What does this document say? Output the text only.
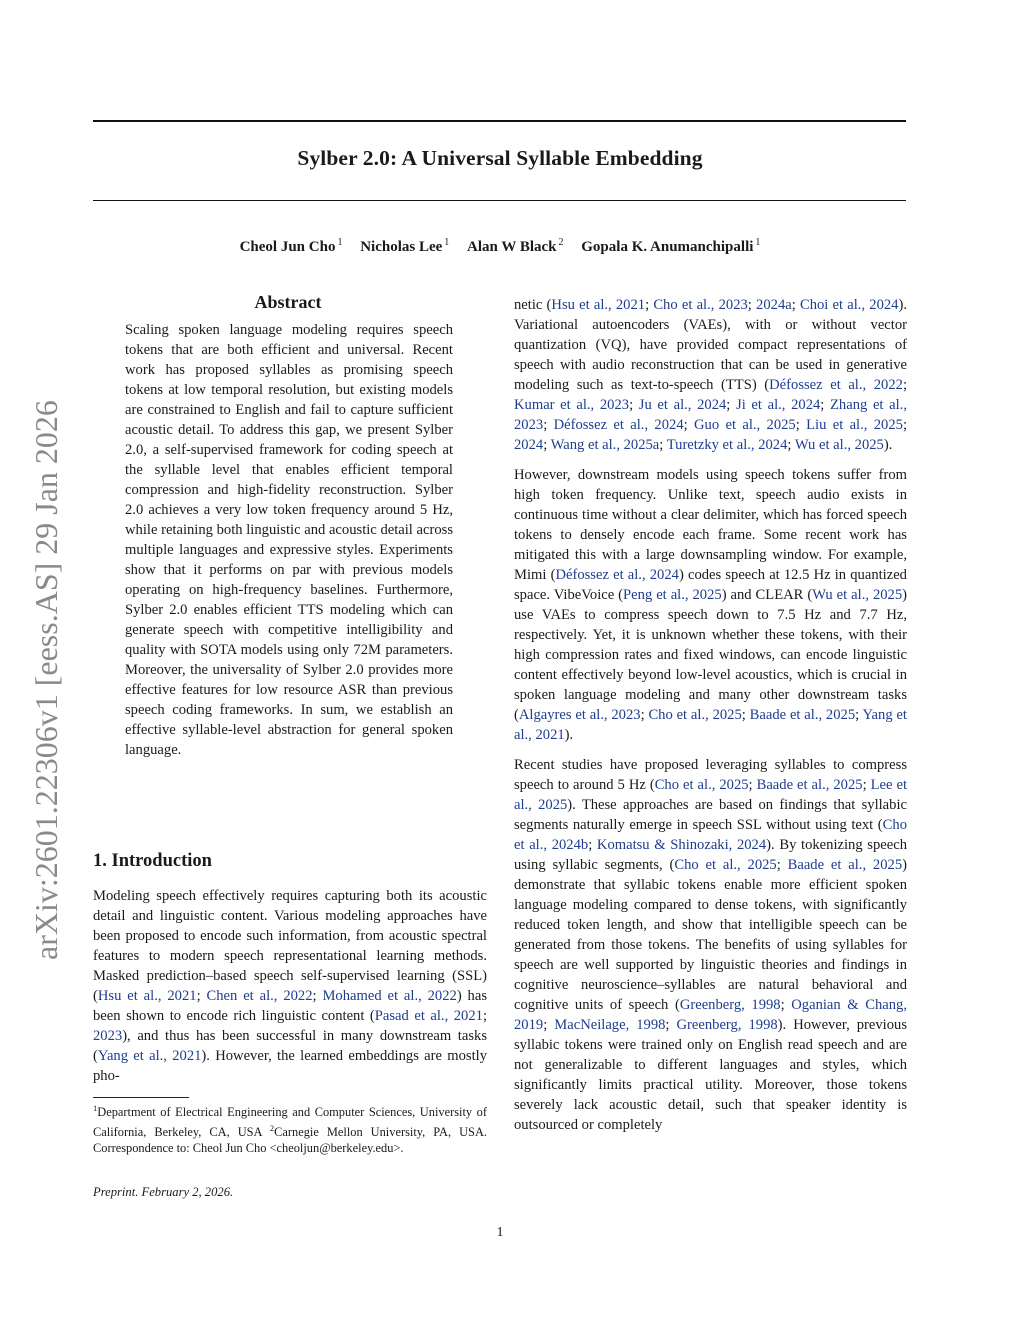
arXiv:2601.22306v1 [eess.AS] 29 Jan 2026
Sylber 2.0: A Universal Syllable Embedding
Cheol Jun Cho $^1$ Nicholas Lee $^1$ Alan W Black $^2$ Gopala K. Anumanchipalli $^1$
Abstract
Scaling spoken language modeling requires speech tokens that are both efficient and universal. Recent work has proposed syllables as promising speech tokens at low temporal resolution, but existing models are constrained to English and fail to capture sufficient acoustic detail. To address this gap, we present Sylber 2.0, a self-supervised framework for coding speech at the syllable level that enables efficient temporal compression and high-fidelity reconstruction. Sylber 2.0 achieves a very low token frequency around 5 Hz, while retaining both linguistic and acoustic detail across multiple languages and expressive styles. Experiments show that it performs on par with previous models operating on high-frequency baselines. Furthermore, Sylber 2.0 enables efficient TTS modeling which can generate speech with competitive intelligibility and quality with SOTA models using only 72M parameters. Moreover, the universality of Sylber 2.0 provides more effective features for low resource ASR than previous speech coding frameworks. In sum, we establish an effective syllable-level abstraction for general spoken language.
1. Introduction
Modeling speech effectively requires capturing both its acoustic detail and linguistic content. Various modeling approaches have been proposed to encode such information, from acoustic spectral features to modern speech representational learning methods. Masked prediction–based speech self-supervised learning (SSL) (Hsu et al., 2021; Chen et al., 2022; Mohamed et al., 2022) has been shown to encode rich linguistic content (Pasad et al., 2021; 2023), and thus has been successful in many downstream tasks (Yang et al., 2021). However, the learned embeddings are mostly pho-
$^1$Department of Electrical Engineering and Computer Sciences, University of California, Berkeley, CA, USA $^2$Carnegie Mellon University, PA, USA. Correspondence to: Cheol Jun Cho <cheoljun@berkeley.edu>.
Preprint. February 2, 2026.

netic (Hsu et al., 2021; Cho et al., 2023; 2024a; Choi et al., 2024). Variational autoencoders (VAEs), with or without vector quantization (VQ), have provided compact representations of speech with audio reconstruction that can be used in generative modeling such as text-to-speech (TTS) (Défossez et al., 2022; Kumar et al., 2023; Ju et al., 2024; Ji et al., 2024; Zhang et al., 2023; Défossez et al., 2024; Guo et al., 2025; Liu et al., 2025; 2024; Wang et al., 2025a; Turetzky et al., 2024; Wu et al., 2025).

However, downstream models using speech tokens suffer from high token frequency. Unlike text, speech audio exists in continuous time without a clear delimiter, which has forced speech tokens to densely encode each frame. Some recent work has mitigated this with a large downsampling window. For example, Mimi (Défossez et al., 2024) codes speech at 12.5 Hz in quantized space. VibeVoice (Peng et al., 2025) and CLEAR (Wu et al., 2025) use VAEs to compress speech down to 7.5 Hz and 7.7 Hz, respectively. Yet, it is unknown whether these tokens, with their high compression rates and fixed windows, can encode linguistic content effectively beyond low-level acoustics, which is crucial in spoken language modeling and many other downstream tasks (Algayres et al., 2023; Cho et al., 2025; Baade et al., 2025; Yang et al., 2021).

Recent studies have proposed leveraging syllables to compress speech to around 5 Hz (Cho et al., 2025; Baade et al., 2025; Lee et al., 2025). These approaches are based on findings that syllabic segments naturally emerge in speech SSL without using text (Cho et al., 2024b; Komatsu & Shinozaki, 2024). By tokenizing speech using syllabic segments, (Cho et al., 2025; Baade et al., 2025) demonstrate that syllabic tokens enable more efficient spoken language modeling compared to dense tokens, with significantly reduced token length, and show that intelligible speech can be generated from those tokens. The benefits of using syllables for speech are well supported by linguistic theories and findings in cognitive neuroscience–syllables are natural behavioral and cognitive units of speech (Greenberg, 1998; Oganian & Chang, 2019; MacNeilage, 1998; Greenberg, 1998). However, previous syllabic tokens were trained only on English read speech and are not generalizable to different languages and styles, which significantly limits practical utility. Moreover, those tokens severely lack acoustic detail, such that speaker identity is outsourced or completely

1
